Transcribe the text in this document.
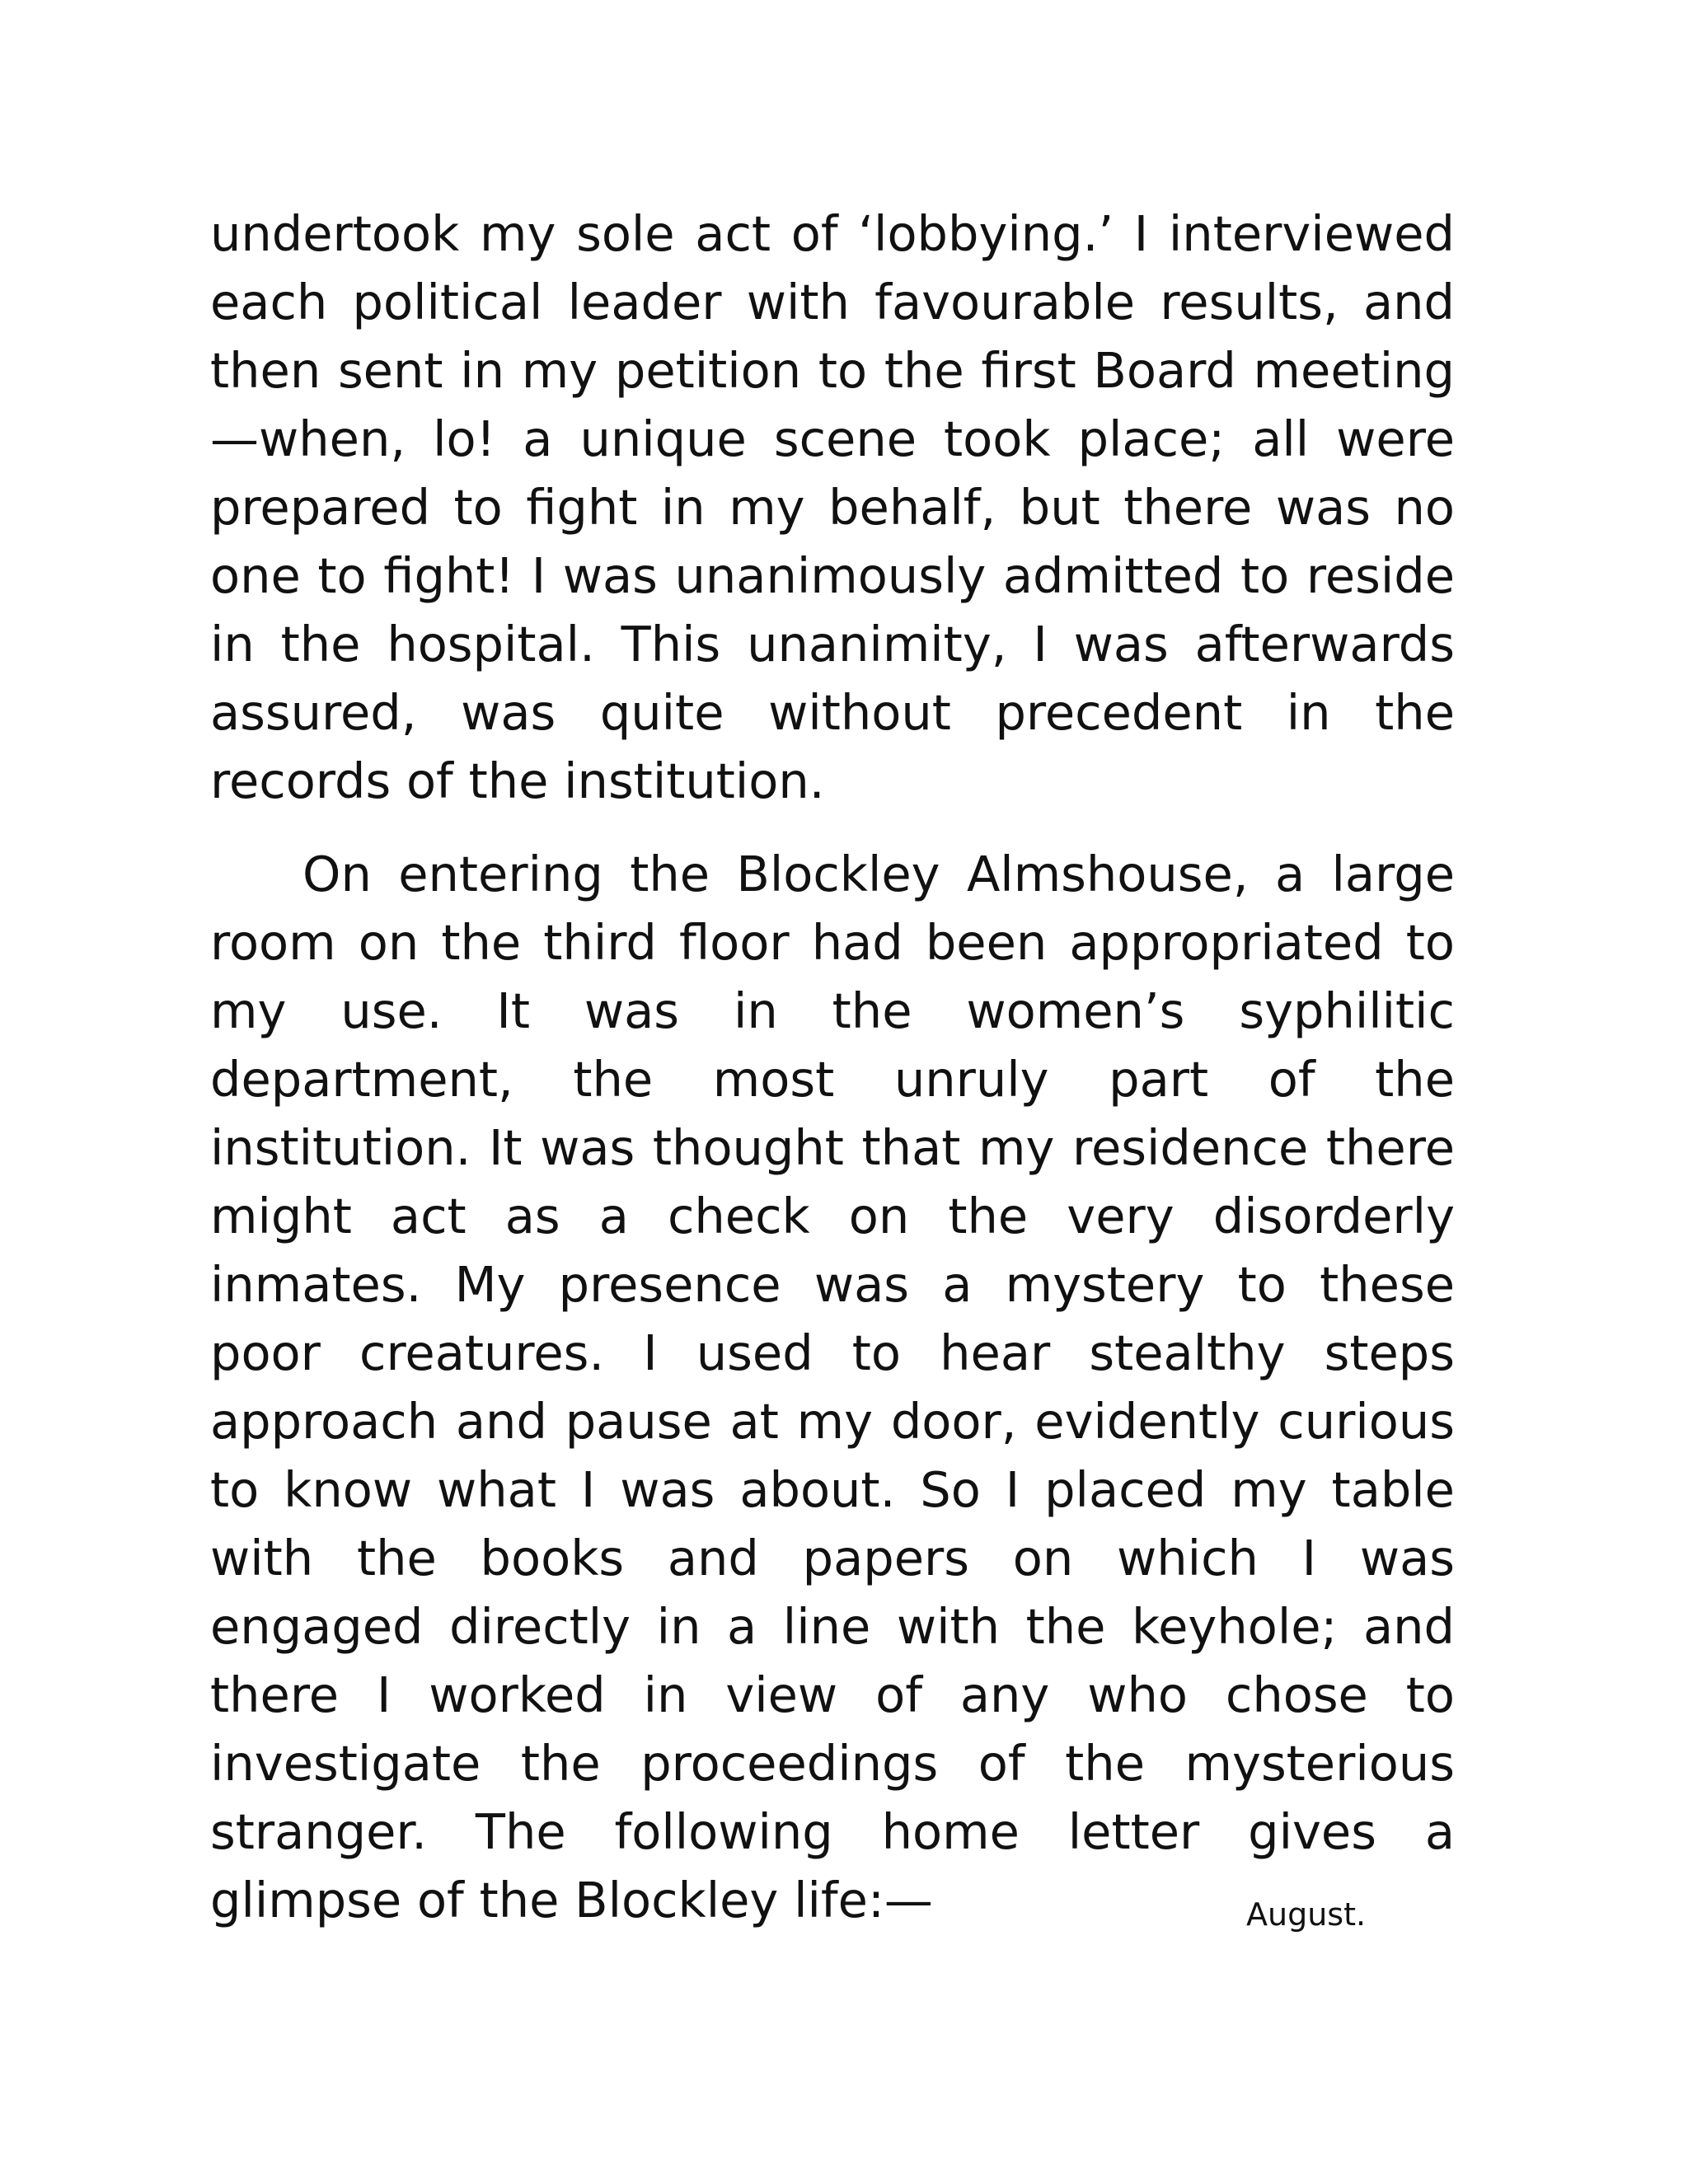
undertook my sole act of ‘lobbying.’ I interviewed each political leader with favourable results, and then sent in my petition to the first Board meeting—when, lo! a unique scene took place; all were prepared to fight in my behalf, but there was no one to fight! I was unanimously admitted to reside in the hospital. This unanimity, I was afterwards assured, was quite without precedent in the records of the institution.

On entering the Blockley Almshouse, a large room on the third floor had been appropriated to my use. It was in the women’s syphilitic department, the most unruly part of the institution. It was thought that my residence there might act as a check on the very disorderly inmates. My presence was a mystery to these poor creatures. I used to hear stealthy steps approach and pause at my door, evidently curious to know what I was about. So I placed my table with the books and papers on which I was engaged directly in a line with the keyhole; and there I worked in view of any who chose to investigate the proceedings of the mysterious stranger. The following home letter gives a glimpse of the Blockley life:—	August.
